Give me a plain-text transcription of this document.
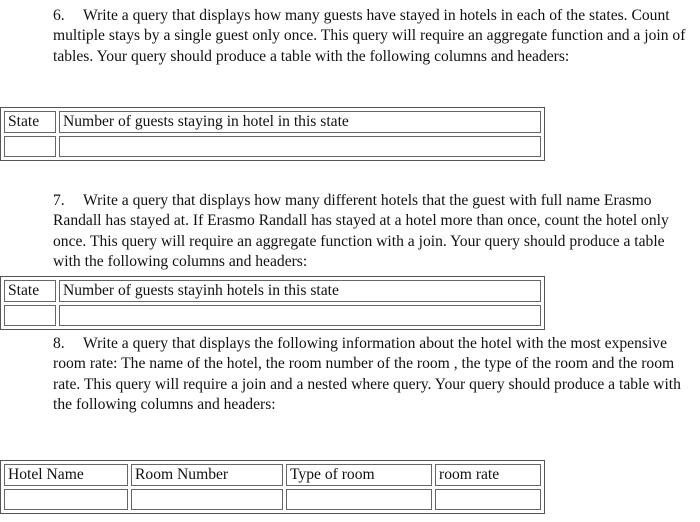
6. Write a query that displays how many guests have stayed in hotels in each of the states. Count multiple stays by a single guest only once. This query will require an aggregate function and a join of tables. Your query should produce a table with the following columns and headers:

State	Number of guests staying in hotel in this state

7. Write a query that displays how many different hotels that the guest with full name Erasmo Randall has stayed at. If Erasmo Randall has stayed at a hotel more than once, count the hotel only once. This query will require an aggregate function with a join. Your query should produce a table with the following columns and headers:

State	Number of guests stayinh hotels in this state

8. Write a query that displays the following information about the hotel with the most expensive room rate: The name of the hotel, the room number of the room , the type of the room and the room rate. This query will require a join and a nested where query. Your query should produce a table with the following columns and headers:

Hotel Name	Room Number	Type of room	room rate
